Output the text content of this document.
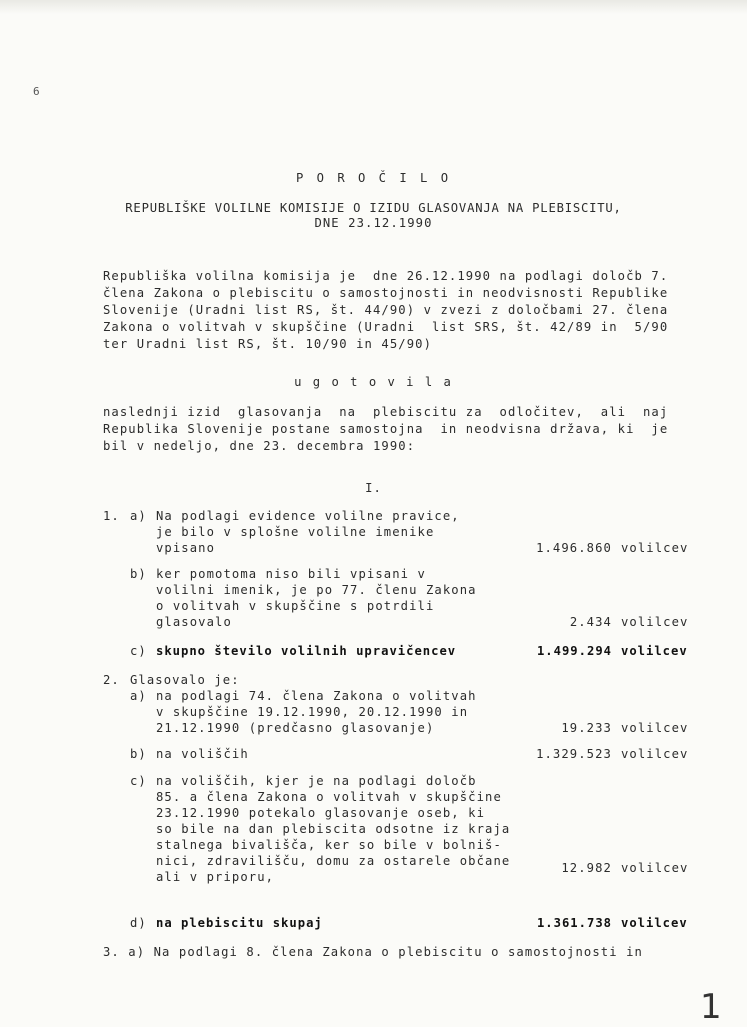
6
P O R O Č I L O
REPUBLIŠKE VOLILNE KOMISIJE O IZIDU GLASOVANJA NA PLEBISCITU,
DNE 23.12.1990
Republiška volilna komisija je  dne 26.12.1990 na podlagi določb 7.
člena Zakona o plebiscitu o samostojnosti in neodvisnosti Republike
Slovenije (Uradni list RS, št. 44/90) v zvezi z določbami 27. člena
Zakona o volitvah v skupščine (Uradni  list SRS, št. 42/89 in  5/90
ter Uradni list RS, št. 10/90 in 45/90)
u g o t o v i l a
naslednji izid  glasovanja  na  plebiscitu za  odločitev,  ali  naj
Republika Slovenije postane samostojna  in neodvisna država, ki  je
bil v nedeljo, dne 23. decembra 1990:
I.
1. a) Na podlagi evidence volilne pravice,
je bilo v splošne volilne imenike
vpisano	1.496.860 volilcev
b) ker pomotoma niso bili vpisani v
volilni imenik, je po 77. členu Zakona
o volitvah v skupščine s potrdili
glasovalo	2.434 volilcev
c) skupno število volilnih upravičencev	1.499.294 volilcev
2. Glasovalo je:
a) na podlagi 74. člena Zakona o volitvah
v skupščine 19.12.1990, 20.12.1990 in
21.12.1990 (predčasno glasovanje)	19.233 volilcev
b) na voliščih	1.329.523 volilcev
c) na voliščih, kjer je na podlagi določb
85. a člena Zakona o volitvah v skupščine
23.12.1990 potekalo glasovanje oseb, ki
so bile na dan plebiscita odsotne iz kraja
stalnega bivališča, ker so bile v bolniš-
nici, zdravilišču, domu za ostarele občane
ali v priporu,
12.982 volilcev
d) na plebiscitu skupaj	1.361.738 volilcev
3. a) Na podlagi 8. člena Zakona o plebiscitu o samostojnosti in
1
